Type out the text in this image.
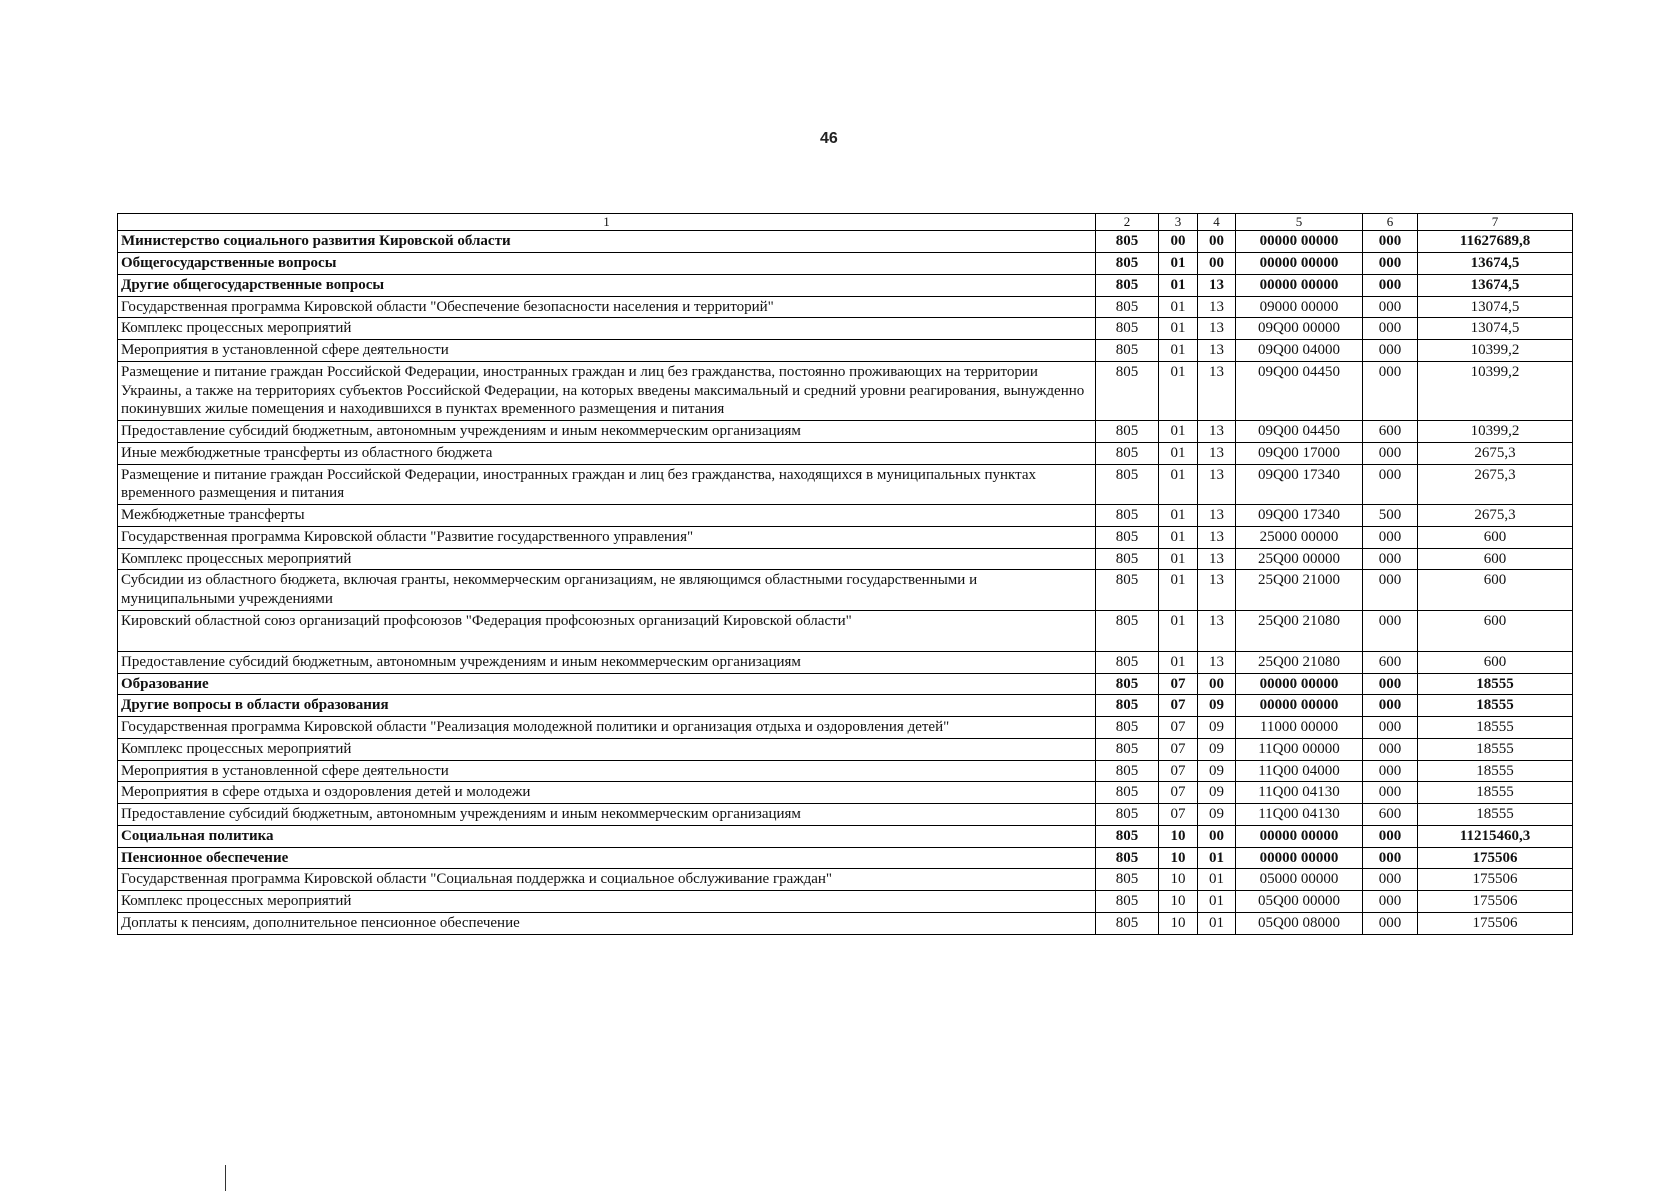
46
1	2	3	4	5	6	7
Министерство социального развития Кировской области	805	00	00	00000 00000	000	11627689,8
Общегосударственные вопросы	805	01	00	00000 00000	000	13674,5
Другие общегосударственные вопросы	805	01	13	00000 00000	000	13674,5
Государственная программа Кировской области "Обеспечение безопасности населения и территорий"	805	01	13	09000 00000	000	13074,5
Комплекс процессных мероприятий	805	01	13	09Q00 00000	000	13074,5
Мероприятия в установленной сфере деятельности	805	01	13	09Q00 04000	000	10399,2
Размещение и питание граждан Российской Федерации, иностранных граждан и лиц без гражданства, постоянно проживающих на территории Украины, а также на территориях субъектов Российской Федерации, на которых введены максимальный и средний уровни реагирования, вынужденно покинувших жилые помещения и находившихся в пунктах временного размещения и питания	805	01	13	09Q00 04450	000	10399,2
Предоставление субсидий бюджетным, автономным учреждениям и иным некоммерческим организациям	805	01	13	09Q00 04450	600	10399,2
Иные межбюджетные трансферты из областного бюджета	805	01	13	09Q00 17000	000	2675,3
Размещение и питание граждан Российской Федерации, иностранных граждан и лиц без гражданства, находящихся в муниципальных пунктах временного размещения и питания	805	01	13	09Q00 17340	000	2675,3
Межбюджетные трансферты	805	01	13	09Q00 17340	500	2675,3
Государственная программа Кировской области "Развитие государственного управления"	805	01	13	25000 00000	000	600
Комплекс процессных мероприятий	805	01	13	25Q00 00000	000	600
Субсидии из областного бюджета, включая гранты, некоммерческим организациям, не являющимся областными государственными и муниципальными учреждениями	805	01	13	25Q00 21000	000	600
Кировский областной союз организаций профсоюзов "Федерация профсоюзных организаций Кировской области"	805	01	13	25Q00 21080	000	600
Предоставление субсидий бюджетным, автономным учреждениям и иным некоммерческим организациям	805	01	13	25Q00 21080	600	600
Образование	805	07	00	00000 00000	000	18555
Другие вопросы в области образования	805	07	09	00000 00000	000	18555
Государственная программа Кировской области "Реализация молодежной политики и организация отдыха и оздоровления детей"	805	07	09	11000 00000	000	18555
Комплекс процессных мероприятий	805	07	09	11Q00 00000	000	18555
Мероприятия в установленной сфере деятельности	805	07	09	11Q00 04000	000	18555
Мероприятия в сфере отдыха и оздоровления детей и молодежи	805	07	09	11Q00 04130	000	18555
Предоставление субсидий бюджетным, автономным учреждениям и иным некоммерческим организациям	805	07	09	11Q00 04130	600	18555
Социальная политика	805	10	00	00000 00000	000	11215460,3
Пенсионное обеспечение	805	10	01	00000 00000	000	175506
Государственная программа Кировской области "Социальная поддержка и социальное обслуживание граждан"	805	10	01	05000 00000	000	175506
Комплекс процессных мероприятий	805	10	01	05Q00 00000	000	175506
Доплаты к пенсиям, дополнительное пенсионное обеспечение	805	10	01	05Q00 08000	000	175506
